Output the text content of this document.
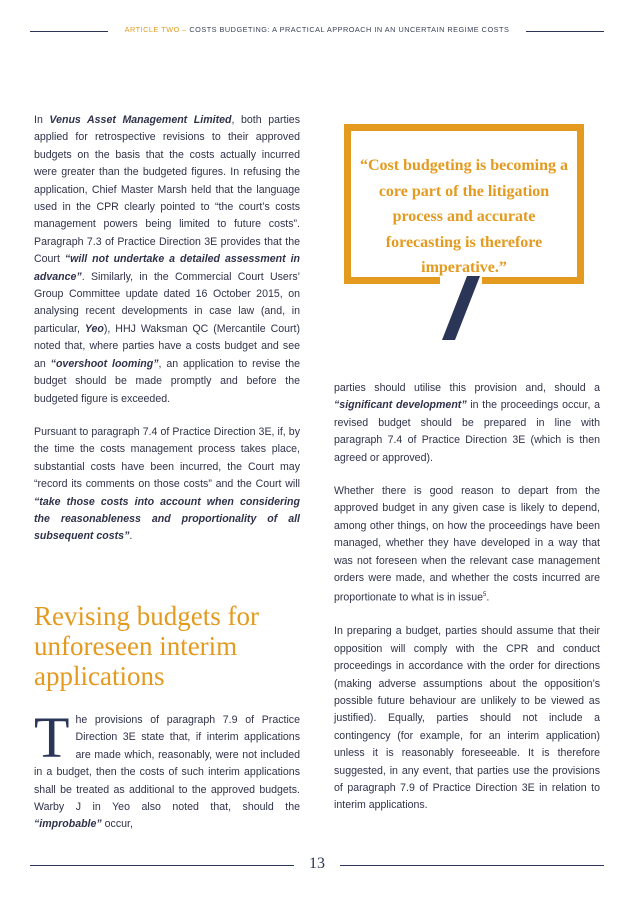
ARTICLE TWO – COSTS BUDGETING: A PRACTICAL APPROACH IN AN UNCERTAIN REGIME COSTS

In Venus Asset Management Limited, both parties applied for retrospective revisions to their approved budgets on the basis that the costs actually incurred were greater than the budgeted figures. In refusing the application, Chief Master Marsh held that the language used in the CPR clearly pointed to “the court’s costs management powers being limited to future costs”. Paragraph 7.3 of Practice Direction 3E provides that the Court “will not undertake a detailed assessment in advance”. Similarly, in the Commercial Court Users’ Group Committee update dated 16 October 2015, on analysing recent developments in case law (and, in particular, Yeo), HHJ Waksman QC (Mercantile Court) noted that, where parties have a costs budget and see an “overshoot looming”, an application to revise the budget should be made promptly and before the budgeted figure is exceeded.

Pursuant to paragraph 7.4 of Practice Direction 3E, if, by the time the costs management process takes place, substantial costs have been incurred, the Court may “record its comments on those costs” and the Court will “take those costs into account when considering the reasonableness and proportionality of all subsequent costs”.

Revising budgets for unforeseen interim applications
The provisions of paragraph 7.9 of Practice Direction 3E state that, if interim applications are made which, reasonably, were not included in a budget, then the costs of such interim applications shall be treated as additional to the approved budgets. Warby J in Yeo also noted that, should the “improbable” occur,
“Cost budgeting is becoming a core part of the litigation process and accurate forecasting is therefore imperative.”

parties should utilise this provision and, should a “significant development” in the proceedings occur, a revised budget should be prepared in line with paragraph 7.4 of Practice Direction 3E (which is then agreed or approved).

Whether there is good reason to depart from the approved budget in any given case is likely to depend, among other things, on how the proceedings have been managed, whether they have developed in a way that was not foreseen when the relevant case management orders were made, and whether the costs incurred are proportionate to what is in issue$^5$.

In preparing a budget, parties should assume that their opposition will comply with the CPR and conduct proceedings in accordance with the order for directions (making adverse assumptions about the opposition’s possible future behaviour are unlikely to be viewed as justified). Equally, parties should not include a contingency (for example, for an interim application) unless it is reasonably foreseeable. It is therefore suggested, in any event, that parties use the provisions of paragraph 7.9 of Practice Direction 3E in relation to interim applications.

13
